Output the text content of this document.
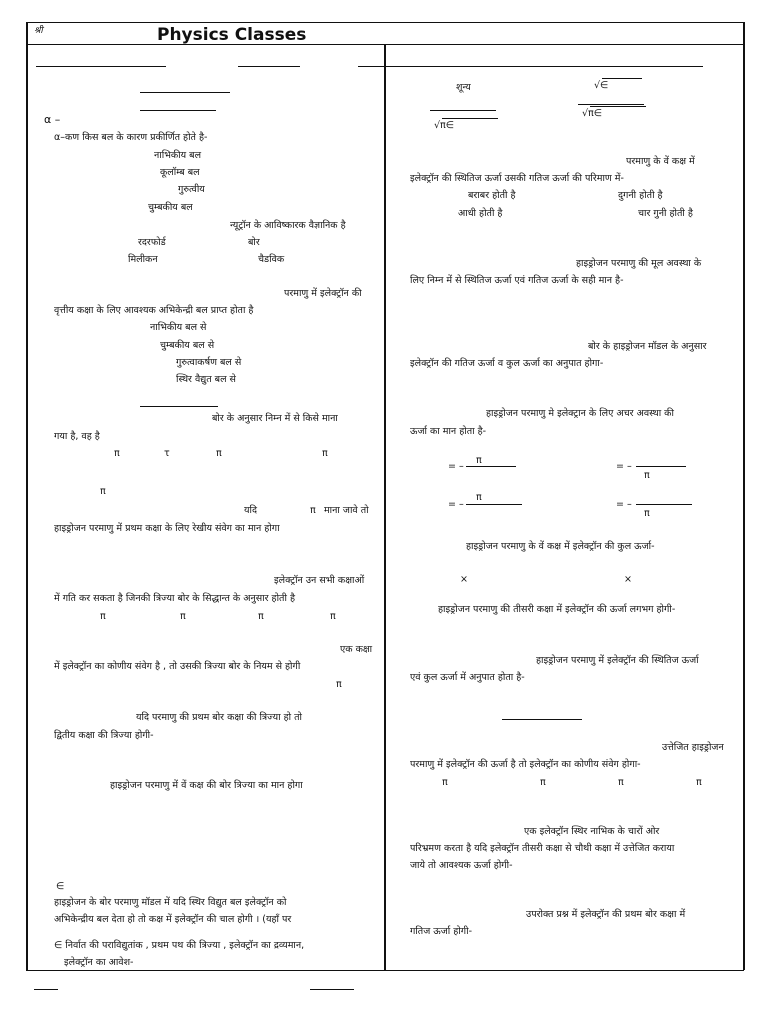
श्री	Physics Classes
α –
α–कण किस बल के कारण प्रकीर्णित होते है-
नाभिकीय बल
कूलॉम्ब बल
गुरुत्वीय
चुम्बकीय बल
न्यूट्रॉन के आविष्कारक वैज्ञानिक है
रदरफोर्ड	बोर
मिलीकन	चैडविक
परमाणु में इलेक्ट्रॉन की
वृत्तीय कक्षा के लिए आवश्यक अभिकेन्द्री बल प्राप्त होता है
नाभिकीय बल से
चुम्बकीय बल से
गुरुत्वाकर्षण बल से
स्थिर वैद्युत बल से
बोर के अनुसार निम्न में से किसे माना
गया है, वह है
π	τ	π	π
π
यदि	π माना जावे तो
हाइड्रोजन परमाणु में प्रथम कक्षा के लिए रेखीय संवेग का मान होगा
इलेक्ट्रॉन उन सभी कक्षाओं
में गति कर सकता है जिनकी त्रिज्या बोर के सिद्धान्त के अनुसार होती है
π	π	π	π
एक कक्षा
में इलेक्ट्रॉन का कोणीय संवेग है , तो उसकी त्रिज्या बोर के नियम से होगी
π
यदि परमाणु की प्रथम बोर कक्षा की त्रिज्या हो तो
द्वितीय कक्षा की त्रिज्या होगी-
हाइड्रोजन परमाणु में वें कक्ष की बोर त्रिज्या का मान होगा
∈
हाइड्रोजन के बोर परमाणु मॉडल में यदि स्थिर विद्युत बल इलेक्ट्रॉन को
अभिकेन्द्रीय बल देता हो तो कक्ष में इलेक्ट्रॉन की चाल होगी । (यहाँ पर
∈ निर्वात की पराविद्युतांक , प्रथम पथ की त्रिज्या , इलेक्ट्रॉन का द्रव्यमान,
इलेक्ट्रॉन का आवेश-
शून्य	√∈
√π∈
√π∈
परमाणु के वें कक्ष में
इलेक्ट्रॉन की स्थितिज ऊर्जा उसकी गतिज ऊर्जा की परिमाण में-
बराबर होती है	दुगनी होती है
आधी होती है	चार गुनी होती है
हाइड्रोजन परमाणु की मूल अवस्था के
लिए निम्न में से स्थितिज ऊर्जा एवं गतिज ऊर्जा के सही मान है-
बोर के हाइड्रोजन मॉडल के अनुसार
इलेक्ट्रॉन की गतिज ऊर्जा व कुल ऊर्जा का अनुपात होगा-
हाइड्रोजन परमाणु मे इलेक्ट्रान के लिए अचर अवस्था की
ऊर्जा का मान होता है-
= –
π
= –
π
= –
π
= –
π
हाइड्रोजन परमाणु के वें कक्ष में इलेक्ट्रॉन की कुल ऊर्जा-
×	×
हाइड्रोजन परमाणु की तीसरी कक्षा में इलेक्ट्रॉन की ऊर्जा लगभग होगी-
हाइड्रोजन परमाणु में इलेक्ट्रॉन की स्थितिज ऊर्जा
एवं कुल ऊर्जा में अनुपात होता है-
उत्तेजित हाइड्रोजन
परमाणु में इलेक्ट्रॉन की ऊर्जा है तो इलेक्ट्रॉन का कोणीय संवेग होगा-
π	π	π	π
एक इलेक्ट्रॉन स्थिर नाभिक के चारों ओर
परिभ्रमण करता है यदि इलेक्ट्रॉन तीसरी कक्षा से चौथी कक्षा में उत्तेजित कराया
जाये तो आवश्यक ऊर्जा होगी-
उपरोक्त प्रश्न में इलेक्ट्रॉन की प्रथम बोर कक्षा में
गतिज ऊर्जा होगी-
